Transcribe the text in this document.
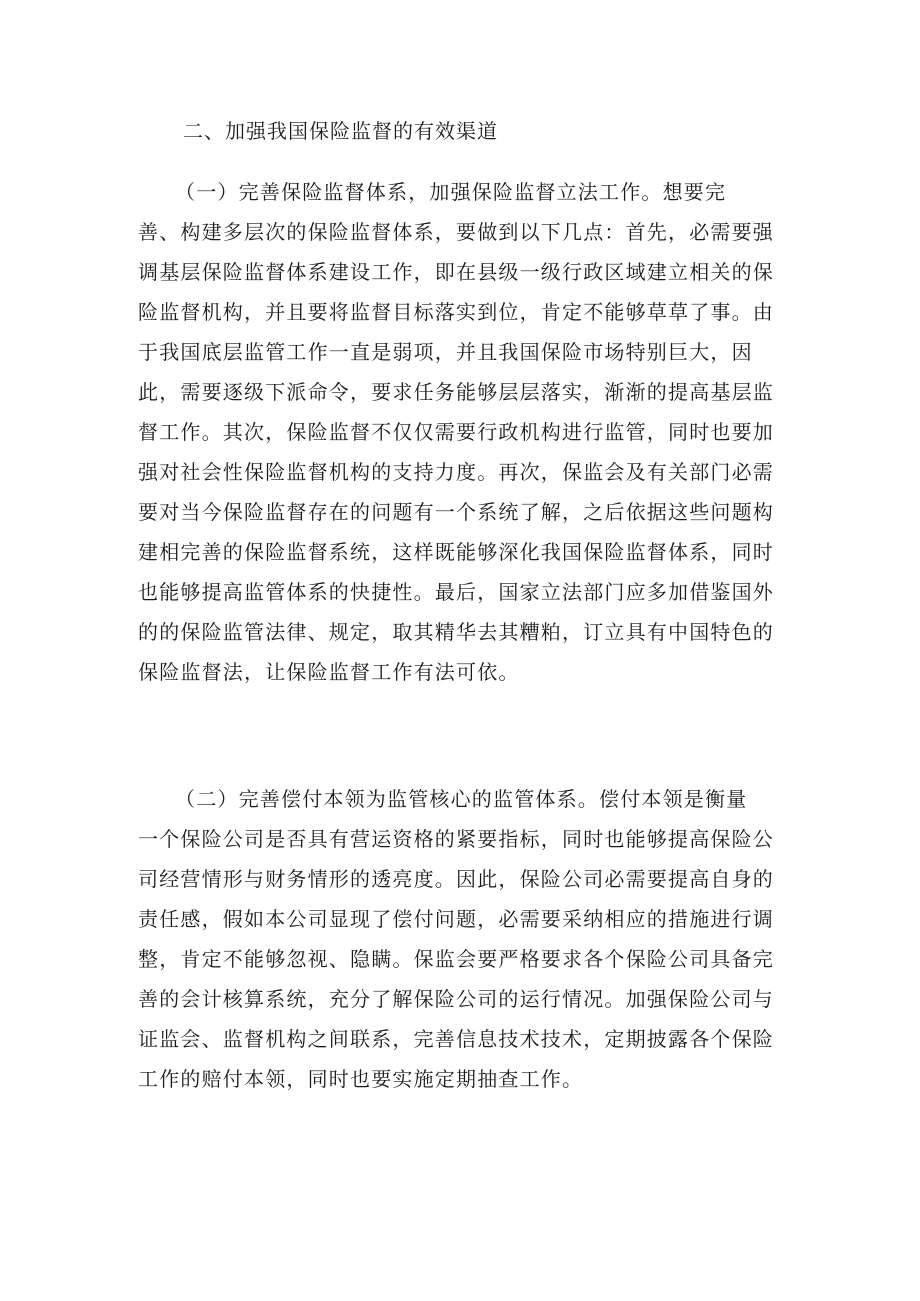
二、加强我国保险监督的有效渠道
（一）完善保险监督体系，加强保险监督立法工作。想要完
善、构建多层次的保险监督体系，要做到以下几点：首先，必需要强
调基层保险监督体系建设工作，即在县级一级行政区域建立相关的保
险监督机构，并且要将监督目标落实到位，肯定不能够草草了事。由
于我国底层监管工作一直是弱项，并且我国保险市场特别巨大，因
此，需要逐级下派命令，要求任务能够层层落实，渐渐的提高基层监
督工作。其次，保险监督不仅仅需要行政机构进行监管，同时也要加
强对社会性保险监督机构的支持力度。再次，保监会及有关部门必需
要对当今保险监督存在的问题有一个系统了解，之后依据这些问题构
建相完善的保险监督系统，这样既能够深化我国保险监督体系，同时
也能够提高监管体系的快捷性。最后，国家立法部门应多加借鉴国外
的的保险监管法律、规定，取其精华去其糟粕，订立具有中国特色的
保险监督法，让保险监督工作有法可依。
（二）完善偿付本领为监管核心的监管体系。偿付本领是衡量
一个保险公司是否具有营运资格的紧要指标，同时也能够提高保险公
司经营情形与财务情形的透亮度。因此，保险公司必需要提高自身的
责任感，假如本公司显现了偿付问题，必需要采纳相应的措施进行调
整，肯定不能够忽视、隐瞒。保监会要严格要求各个保险公司具备完
善的会计核算系统，充分了解保险公司的运行情况。加强保险公司与
证监会、监督机构之间联系，完善信息技术技术，定期披露各个保险
工作的赔付本领，同时也要实施定期抽查工作。
